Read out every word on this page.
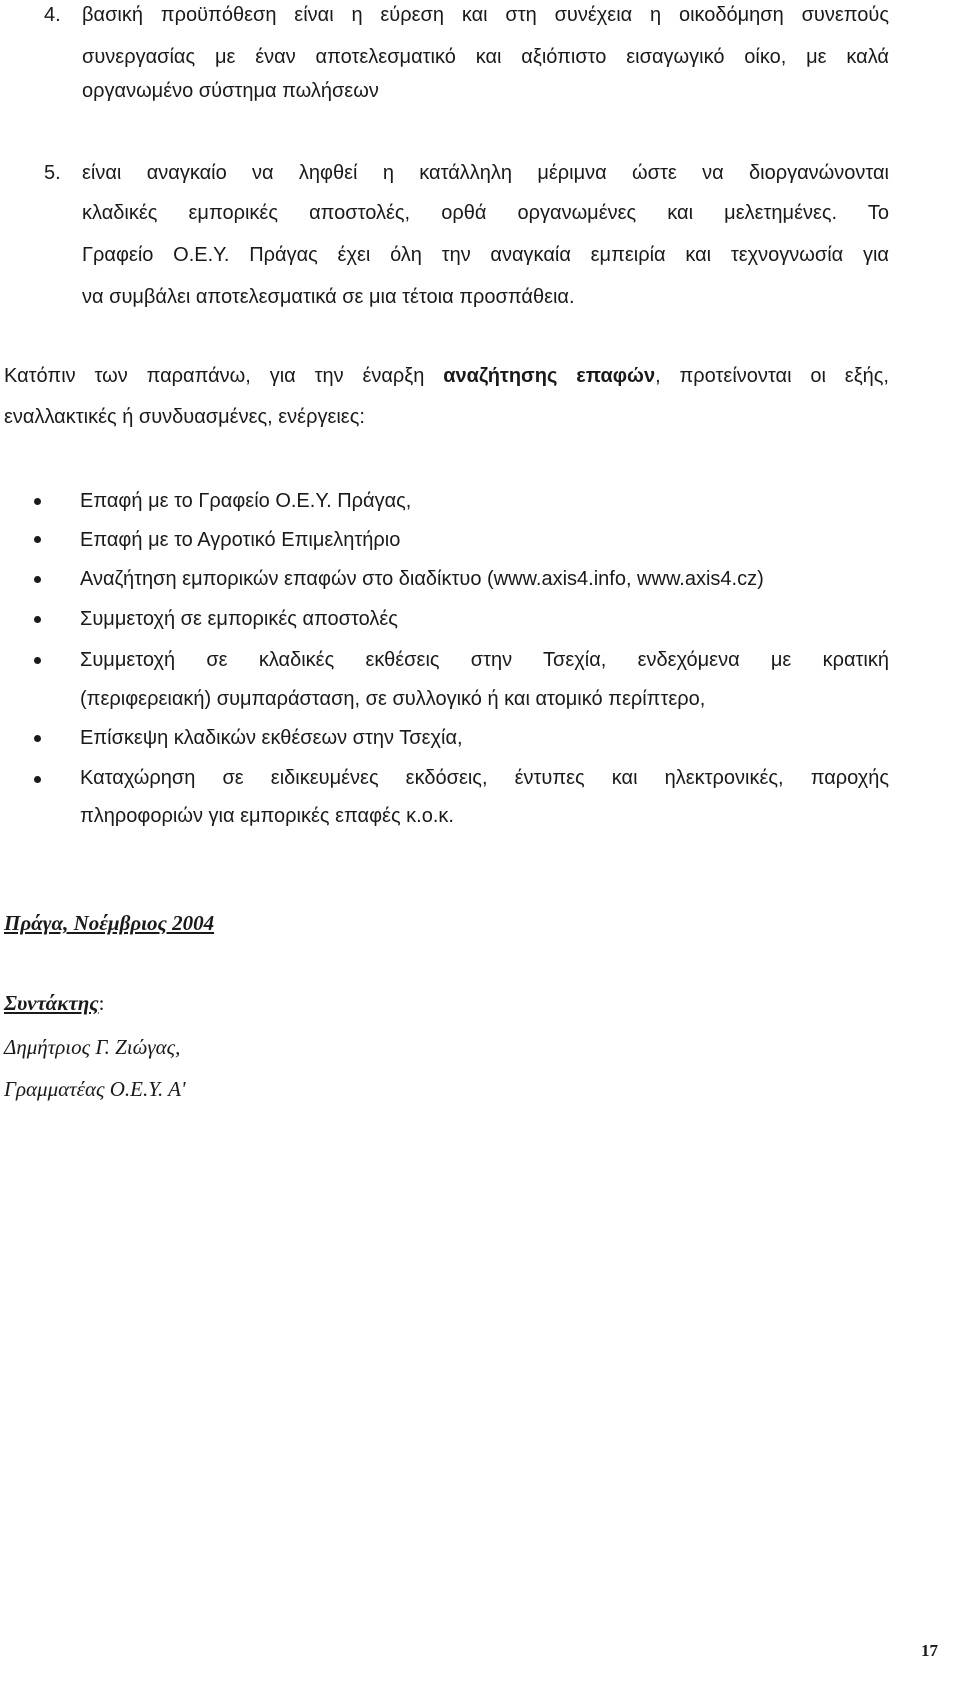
4. βασική προϋπόθεση είναι η εύρεση και στη συνέχεια η οικοδόμηση συνεπούς
συνεργασίας με έναν αποτελεσματικό και αξιόπιστο εισαγωγικό οίκο, με καλά
οργανωμένο σύστημα πωλήσεων
5. είναι αναγκαίο να ληφθεί η κατάλληλη μέριμνα ώστε να διοργανώνονται
κλαδικές εμπορικές αποστολές, ορθά οργανωμένες και μελετημένες. Το
Γραφείο Ο.Ε.Υ. Πράγας έχει όλη την αναγκαία εμπειρία και τεχνογνωσία για
να συμβάλει αποτελεσματικά σε μια τέτοια προσπάθεια.
Κατόπιν των παραπάνω, για την έναρξη αναζήτησης επαφών, προτείνονται οι εξής,
εναλλακτικές ή συνδυασμένες, ενέργειες:
Επαφή με το Γραφείο Ο.Ε.Υ. Πράγας,
Επαφή με το Αγροτικό Επιμελητήριο
Αναζήτηση εμπορικών επαφών στο διαδίκτυο (www.axis4.info, www.axis4.cz)
Συμμετοχή σε εμπορικές αποστολές
Συμμετοχή σε κλαδικές εκθέσεις στην Τσεχία, ενδεχόμενα με κρατική
(περιφερειακή) συμπαράσταση, σε συλλογικό ή και ατομικό περίπτερο,
Επίσκεψη κλαδικών εκθέσεων στην Τσεχία,
Καταχώρηση σε ειδικευμένες εκδόσεις, έντυπες και ηλεκτρονικές, παροχής
πληροφοριών για εμπορικές επαφές κ.ο.κ.
Πράγα, Νοέμβριος 2004
Συντάκτης:
Δημήτριος Γ. Ζιώγας,
Γραμματέας Ο.Ε.Υ. Α'
17
